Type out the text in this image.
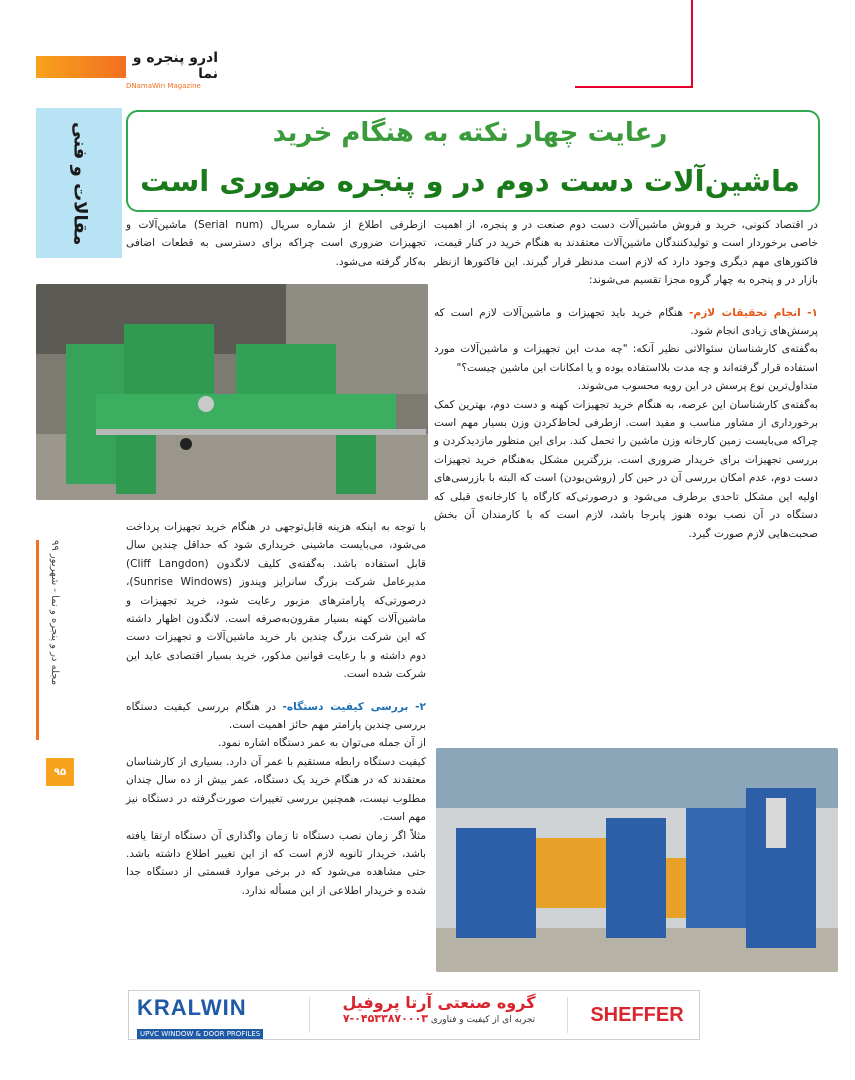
ادرو پنجره و نما
DNamaWin Magazine
مقالات و فنی	رعایت چهار نکته به هنگام خرید
ماشین‌آلات دست دوم در و پنجره ضروری است
در اقتصاد کنونی، خرید و فروش ماشین‌آلات دست دوم صنعت در و پنجره، از اهمیت خاصی برخوردار است و تولیدکنندگان ماشین‌آلات معتقدند به هنگام خرید در کنار قیمت، فاکتورهای مهم دیگری وجود دارد که لازم است مدنظر قرار گیرند. این فاکتورها ازنظر بازار در و پنجره به چهار گروه مجزا تقسیم می‌شوند:
۱- انجام تحقیقات لازم- هنگام خرید باید تجهیزات و ماشین‌آلات لازم است که پرسش‌های زیادی انجام شود.
به‌گفته‌ی کارشناسان سئوالاتی نظیر آنکه: "چه مدت این تجهیزات و ماشین‌آلات مورد استفاده قرار گرفته‌اند و چه مدت بلااستفاده بوده و یا امکانات این ماشین چیست؟"
متداول‌ترین نوع پرسش در این رویه محسوب می‌شوند.
به‌گفته‌ی کارشناسان این عرصه، به هنگام خرید تجهیزات کهنه و دست دوم، بهترین کمک برخورداری از مشاور مناسب و مفید است. ازطرفی لحاظ‌کردن وزن بسیار مهم است چراکه می‌بایست زمین کارخانه وزن ماشین را تحمل کند. برای این منظور مازدیدکردن و بررسی تجهیزات برای خریدار ضروری است. بزرگترین مشکل به‌هنگام خرید تجهیزات دست دوم، عدم امکان بررسی آن در حین کار (روشن‌بودن) است که البته با بازرسی‌های اولیه این مشکل تاحدی برطرف می‌شود و درصورتی‌که کارگاه یا کارخانه‌ی قبلی که دستگاه در آن نصب بوده هنوز پابرجا باشد، لازم است که با کارمندان آن بخش صحبت‌هایی لازم صورت گیرد.
ازطرفی اطلاع از شماره سریال (Serial num) ماشین‌آلات و تجهیزات ضروری است چراکه برای دسترسی به قطعات اضافی به‌کار گرفته می‌شود.
با توجه به اینکه هزینه قابل‌توجهی در هنگام خرید تجهیزات پرداخت می‌شود، می‌بایست ماشینی خریداری شود که حداقل چندین سال قابل استفاده باشد. به‌گفته‌ی کلیف لانگدون (Cliff Langdon) مدیرعامل شرکت بزرگ سانرایز ویندوز (Sunrise Windows)، درصورتی‌که پارامترهای مزبور رعایت شود، خرید تجهیزات و ماشین‌آلات کهنه بسیار مقرون‌به‌صرفه است. لانگدون اظهار داشته که این شرکت بزرگ چندین بار خرید ماشین‌آلات و تجهیزات دست دوم داشته و با رعایت قوانین مذکور، خرید بسیار اقتصادی عاید این شرکت شده است.
۲- بررسی کیفیت دستگاه- در هنگام بررسی کیفیت دستگاه بررسی چندین پارامتر مهم حائز اهمیت است.
از آن جمله می‌توان به عمر دستگاه اشاره نمود.
کیفیت دستگاه رابطه مستقیم با عمر آن دارد. بسیاری از کارشناسان معتقدند که در هنگام خرید یک دستگاه، عمر بیش از ده سال چندان مطلوب نیست، همچنین بررسی تغییرات صورت‌گرفته در دستگاه نیز مهم است.
مثلاً اگر زمان نصب دستگاه تا زمان واگذاری آن دستگاه ارتقا یافته باشد، خریدار ثانویه لازم است که از این تغییر اطلاع داشته باشد. حتی مشاهده می‌شود که در برخی موارد قسمتی از دستگاه جدا شده و خریدار اطلاعی از این مسأله ندارد.
مجله در و پنجره و نما - شهریور ۹۹
۹۵
KRALWIN
UPVC WINDOW & DOOR PROFILES
گروه صنعتی آرتا پروفیل
تجربه ای از کیفیت و فناوری ۰۴۵۳۳۸۷۰۰۰۳-۷	SHEFFER
